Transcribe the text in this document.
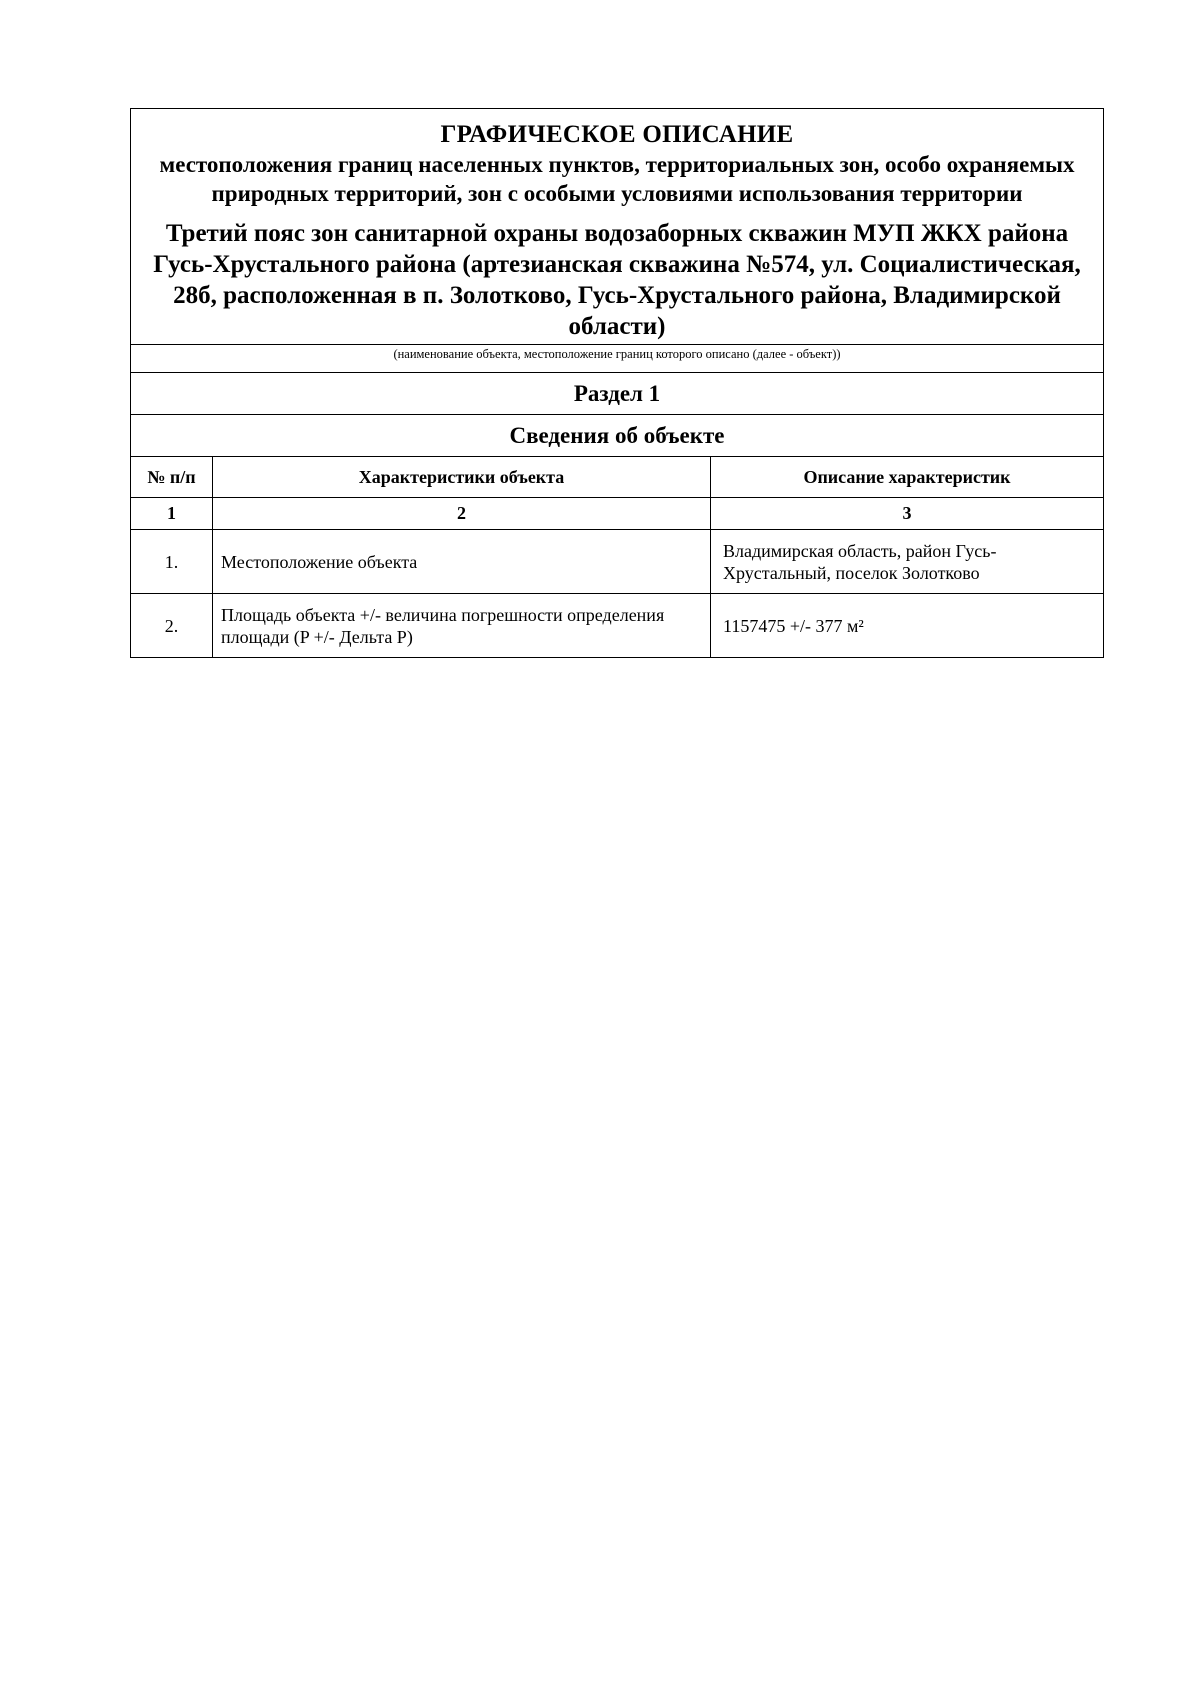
ГРАФИЧЕСКОЕ ОПИСАНИЕ
местоположения границ населенных пунктов, территориальных зон, особо охраняемых природных территорий, зон с особыми условиями использования территории
Третий пояс зон санитарной охраны водозаборных скважин МУП ЖКХ района Гусь-Хрустального района (артезианская скважина №574, ул. Социалистическая, 28б, расположенная в п. Золотково, Гусь-Хрустального района, Владимирской области)
(наименование объекта, местоположение границ которого описано (далее - объект))
Раздел 1
Сведения об объекте
№ п/п	Характеристики объекта	Описание характеристик
1	2	3
1.	Местоположение объекта	Владимирская область, район Гусь-Хрустальный, поселок Золотково
2.	Площадь объекта +/- величина погрешности определения площади (P +/- Дельта P)	1157475 +/- 377 м²
